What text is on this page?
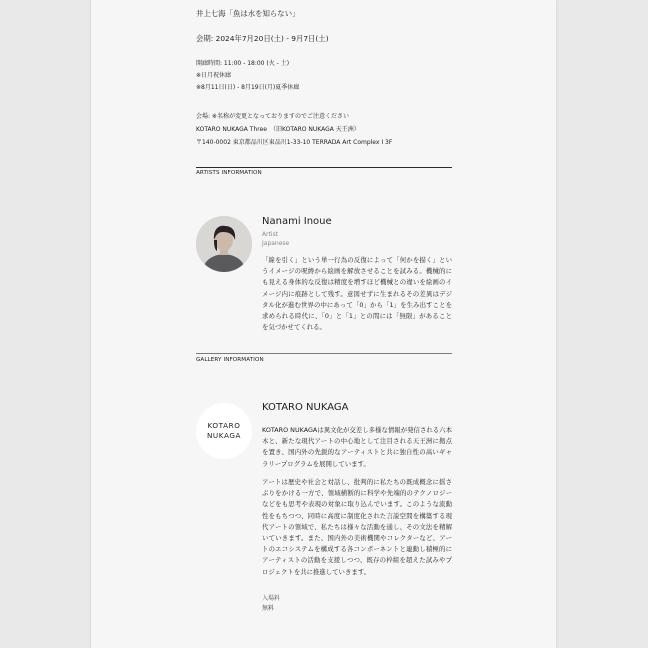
井上七海「魚は水を知らない」
会期: 2024年7月20日(土) - 9月7日(土)
開廊時間: 11:00 - 18:00 (火 - 土)
※日月祝休廊
※8月11日(日) - 8月19日(月)夏季休廊
会場: ※名称が変更となっておりますのでご注意ください
KOTARO NUKAGA Three　（旧KOTARO NUKAGA 天王洲）
〒140-0002 東京都品川区東品川1-33-10 TERRADA Art Complex I 3F
ARTISTS INFORMATION
Nanami Inoue
Artist
Japanese
「線を引く」という単一行為の反復によって「何かを描く」というイメージの呪縛から絵画を解放させることを試みる。機械的にも見える身体的な反復は精度を増すほど機械との違いを絵画のイメージ内に痕跡として残す。意図せずに生まれるその差異はデジタル化が進む世界の中にあって「0」から「1」を生み出すことを求められる時代に、「0」と「1」との間には「無限」があることを気づかせてくれる。
GALLERY INFORMATION
KOTARO
NUKAGA
KOTARO NUKAGA
KOTARO NUKAGAは異文化が交差し多様な情報が発信される六本木と、新たな現代アートの中心地として注目される天王洲に拠点を置き、国内外の先鋭的なアーティストと共に独自性の高いギャラリープログラムを展開しています。
アートは歴史や社会と対話し、批判的に私たちの既成概念に揺さぶりをかける一方で、領域横断的に科学や先端的のテクノロジーなどをも思考や表現の対象に取り込んでいます。このような流動性をもちつつ、同時に高度に制度化された言説空間を構築する現代アートの領域で、私たちは様々な活動を通し、その文法を精解いていきます。また、国内外の美術機関やコレクターなど、アートのエコシステムを構成する各コンポーネントと連動し積極的にアーティストの活動を支援しつつ、既存の枠組を超えた試みやプロジェクトを共に推進していきます。
入場料
無料
